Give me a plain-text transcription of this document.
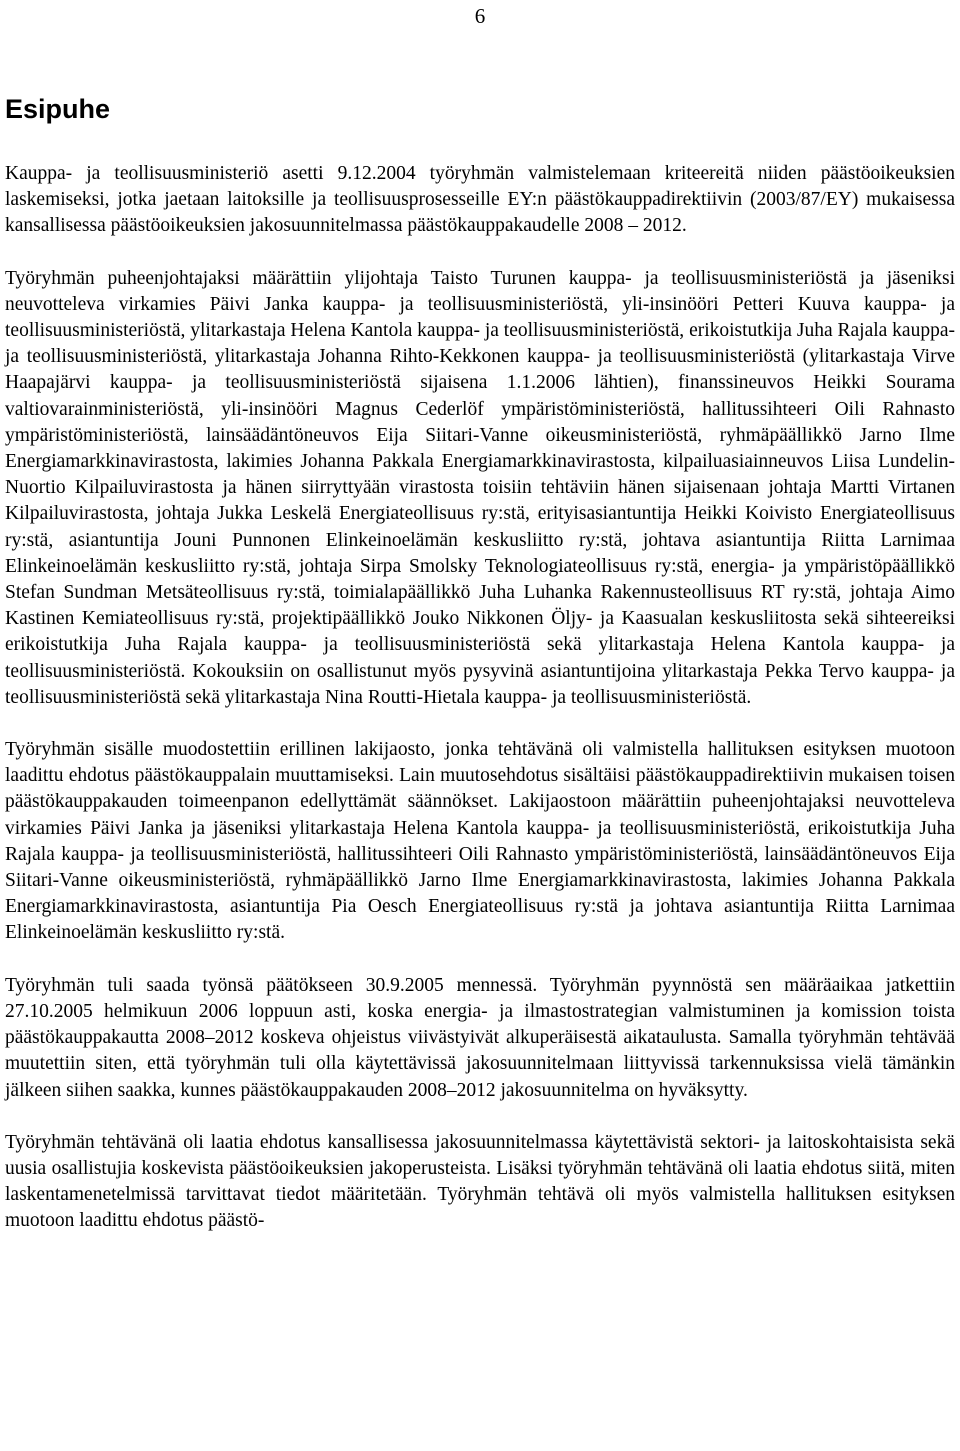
6
Esipuhe

Kauppa- ja teollisuusministeriö asetti 9.12.2004 työryhmän valmistelemaan kriteereitä niiden päästöoikeuksien laskemiseksi, jotka jaetaan laitoksille ja teollisuusprosesseille EY:n päästökauppadirektiivin (2003/87/EY) mukaisessa kansallisessa päästöoikeuksien jakosuunnitelmassa päästökauppakaudelle 2008 – 2012.

Työryhmän puheenjohtajaksi määrättiin ylijohtaja Taisto Turunen kauppa- ja teollisuusministeriöstä ja jäseniksi neuvotteleva virkamies Päivi Janka kauppa- ja teollisuusministeriöstä, yli-insinööri Petteri Kuuva kauppa- ja teollisuusministeriöstä, ylitarkastaja Helena Kantola kauppa- ja teollisuusministeriöstä, erikoistutkija Juha Rajala kauppa- ja teollisuusministeriöstä, ylitarkastaja Johanna Rihto-Kekkonen kauppa- ja teollisuusministeriöstä (ylitarkastaja Virve Haapajärvi kauppa- ja teollisuusministeriöstä sijaisena 1.1.2006 lähtien), finanssineuvos Heikki Sourama valtiovarainministeriöstä, yli-insinööri Magnus Cederlöf ympäristöministeriöstä, hallitussihteeri Oili Rahnasto ympäristöministeriöstä, lainsäädäntöneuvos Eija Siitari-Vanne oikeusministeriöstä, ryhmäpäällikkö Jarno Ilme Energiamarkkinavirastosta, lakimies Johanna Pakkala Energiamarkkinavirastosta, kilpailuasiainneuvos Liisa Lundelin-Nuortio Kilpailuvirastosta ja hänen siirryttyään virastosta toisiin tehtäviin hänen sijaisenaan johtaja Martti Virtanen Kilpailuvirastosta, johtaja Jukka Leskelä Energiateollisuus ry:stä, erityisasiantuntija Heikki Koivisto Energiateollisuus ry:stä, asiantuntija Jouni Punnonen Elinkeinoelämän keskusliitto ry:stä, johtava asiantuntija Riitta Larnimaa Elinkeinoelämän keskusliitto ry:stä, johtaja Sirpa Smolsky Teknologiateollisuus ry:stä, energia- ja ympäristöpäällikkö Stefan Sundman Metsäteollisuus ry:stä, toimialapäällikkö Juha Luhanka Rakennusteollisuus RT ry:stä, johtaja Aimo Kastinen Kemiateollisuus ry:stä, projektipäällikkö Jouko Nikkonen Öljy- ja Kaasualan keskusliitosta sekä sihteereiksi erikoistutkija Juha Rajala kauppa- ja teollisuusministeriöstä sekä ylitarkastaja Helena Kantola kauppa- ja teollisuusministeriöstä. Kokouksiin on osallistunut myös pysyvinä asiantuntijoina ylitarkastaja Pekka Tervo kauppa- ja teollisuusministeriöstä sekä ylitarkastaja Nina Routti-Hietala kauppa- ja teollisuusministeriöstä.

Työryhmän sisälle muodostettiin erillinen lakijaosto, jonka tehtävänä oli valmistella hallituksen esityksen muotoon laadittu ehdotus päästökauppalain muuttamiseksi. Lain muutosehdotus sisältäisi päästökauppadirektiivin mukaisen toisen päästökauppakauden toimeenpanon edellyttämät säännökset. Lakijaostoon määrättiin puheenjohtajaksi neuvotteleva virkamies Päivi Janka ja jäseniksi ylitarkastaja Helena Kantola kauppa- ja teollisuusministeriöstä, erikoistutkija Juha Rajala kauppa- ja teollisuusministeriöstä, hallitussihteeri Oili Rahnasto ympäristöministeriöstä, lainsäädäntöneuvos Eija Siitari-Vanne oikeusministeriöstä, ryhmäpäällikkö Jarno Ilme Energiamarkkinavirastosta, lakimies Johanna Pakkala Energiamarkkinavirastosta, asiantuntija Pia Oesch Energiateollisuus ry:stä ja johtava asiantuntija Riitta Larnimaa Elinkeinoelämän keskusliitto ry:stä.

Työryhmän tuli saada työnsä päätökseen 30.9.2005 mennessä. Työryhmän pyynnöstä sen määräaikaa jatkettiin 27.10.2005 helmikuun 2006 loppuun asti, koska energia- ja ilmastostrategian valmistuminen ja komission toista päästökauppakautta 2008–2012 koskeva ohjeistus viivästyivät alkuperäisestä aikataulusta. Samalla työryhmän tehtävää muutettiin siten, että työryhmän tuli olla käytettävissä jakosuunnitelmaan liittyvissä tarkennuksissa vielä tämänkin jälkeen siihen saakka, kunnes päästökauppakauden 2008–2012 jakosuunnitelma on hyväksytty.

Työryhmän tehtävänä oli laatia ehdotus kansallisessa jakosuunnitelmassa käytettävistä sektori- ja laitoskohtaisista sekä uusia osallistujia koskevista päästöoikeuksien jakoperusteista. Lisäksi työryhmän tehtävänä oli laatia ehdotus siitä, miten laskentamenetelmissä tarvittavat tiedot määritetään. Työryhmän tehtävä oli myös valmistella hallituksen esityksen muotoon laadittu ehdotus päästö-
